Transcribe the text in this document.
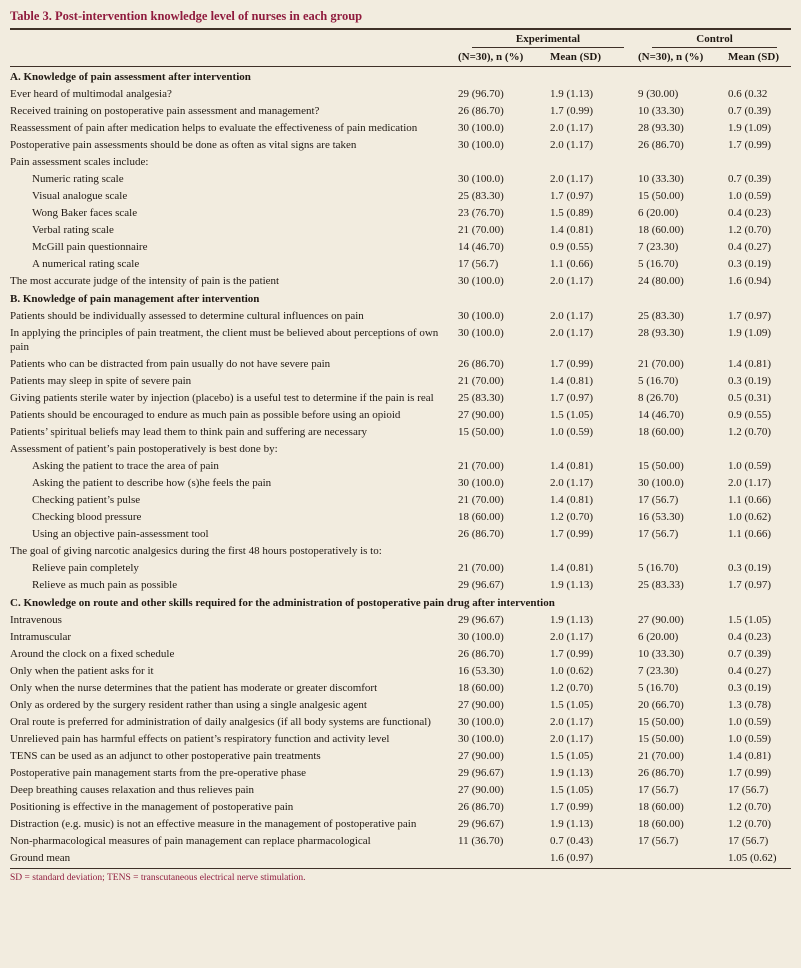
Table 3. Post-intervention knowledge level of nurses in each group

	Experimental		Control	

	(N=30), n (%)	Mean (SD)	(N=30), n (%)	Mean (SD)
A. Knowledge of pain assessment after intervention				
Ever heard of multimodal analgesia?	29 (96.70)	1.9 (1.13)	9 (30.00)	0.6 (0.32
Received training on postoperative pain assessment and management?	26 (86.70)	1.7 (0.99)	10 (33.30)	0.7 (0.39)
Reassessment of pain after medication helps to evaluate the effectiveness of pain medication	30 (100.0)	2.0 (1.17)	28 (93.30)	1.9 (1.09)
Postoperative pain assessments should be done as often as vital signs are taken	30 (100.0)	2.0 (1.17)	26 (86.70)	1.7 (0.99)
Pain assessment scales include:				
Numeric rating scale	30 (100.0)	2.0 (1.17)	10 (33.30)	0.7 (0.39)
Visual analogue scale	25 (83.30)	1.7 (0.97)	15 (50.00)	1.0 (0.59)
Wong Baker faces scale	23 (76.70)	1.5 (0.89)	6 (20.00)	0.4 (0.23)
Verbal rating scale	21 (70.00)	1.4 (0.81)	18 (60.00)	1.2 (0.70)
McGill pain questionnaire	14 (46.70)	0.9 (0.55)	7 (23.30)	0.4 (0.27)
A numerical rating scale	17 (56.7)	1.1 (0.66)	5 (16.70)	0.3 (0.19)
The most accurate judge of the intensity of pain is the patient	30 (100.0)	2.0 (1.17)	24 (80.00)	1.6 (0.94)
B. Knowledge of pain management after intervention				
Patients should be individually assessed to determine cultural influences on pain	30 (100.0)	2.0 (1.17)	25 (83.30)	1.7 (0.97)
In applying the principles of pain treatment, the client must be believed about perceptions of own pain	30 (100.0)	2.0 (1.17)	28 (93.30)	1.9 (1.09)
Patients who can be distracted from pain usually do not have severe pain	26 (86.70)	1.7 (0.99)	21 (70.00)	1.4 (0.81)
Patients may sleep in spite of severe pain	21 (70.00)	1.4 (0.81)	5 (16.70)	0.3 (0.19)
Giving patients sterile water by injection (placebo) is a useful test to determine if the pain is real	25 (83.30)	1.7 (0.97)	8 (26.70)	0.5 (0.31)
Patients should be encouraged to endure as much pain as possible before using an opioid	27 (90.00)	1.5 (1.05)	14 (46.70)	0.9 (0.55)
Patients’ spiritual beliefs may lead them to think pain and suffering are necessary	15 (50.00)	1.0 (0.59)	18 (60.00)	1.2 (0.70)
Assessment of patient’s pain postoperatively is best done by:				
Asking the patient to trace the area of pain	21 (70.00)	1.4 (0.81)	15 (50.00)	1.0 (0.59)
Asking the patient to describe how (s)he feels the pain	30 (100.0)	2.0 (1.17)	30 (100.0)	2.0 (1.17)
Checking patient’s pulse	21 (70.00)	1.4 (0.81)	17 (56.7)	1.1 (0.66)
Checking blood pressure	18 (60.00)	1.2 (0.70)	16 (53.30)	1.0 (0.62)
Using an objective pain-assessment tool	26 (86.70)	1.7 (0.99)	17 (56.7)	1.1 (0.66)
The goal of giving narcotic analgesics during the first 48 hours postoperatively is to:				
Relieve pain completely	21 (70.00)	1.4 (0.81)	5 (16.70)	0.3 (0.19)
Relieve as much pain as possible	29 (96.67)	1.9 (1.13)	25 (83.33)	1.7 (0.97)
C. Knowledge on route and other skills required for the administration of postoperative pain drug after intervention				
Intravenous	29 (96.67)	1.9 (1.13)	27 (90.00)	1.5 (1.05)
Intramuscular	30 (100.0)	2.0 (1.17)	6 (20.00)	0.4 (0.23)
Around the clock on a fixed schedule	26 (86.70)	1.7 (0.99)	10 (33.30)	0.7 (0.39)
Only when the patient asks for it	16 (53.30)	1.0 (0.62)	7 (23.30)	0.4 (0.27)
Only when the nurse determines that the patient has moderate or greater discomfort	18 (60.00)	1.2 (0.70)	5 (16.70)	0.3 (0.19)
Only as ordered by the surgery resident rather than using a single analgesic agent	27 (90.00)	1.5 (1.05)	20 (66.70)	1.3 (0.78)
Oral route is preferred for administration of daily analgesics (if all body systems are functional)	30 (100.0)	2.0 (1.17)	15 (50.00)	1.0 (0.59)
Unrelieved pain has harmful effects on patient’s respiratory function and activity level	30 (100.0)	2.0 (1.17)	15 (50.00)	1.0 (0.59)
TENS can be used as an adjunct to other postoperative pain treatments	27 (90.00)	1.5 (1.05)	21 (70.00)	1.4 (0.81)
Postoperative pain management starts from the pre-operative phase	29 (96.67)	1.9 (1.13)	26 (86.70)	1.7 (0.99)
Deep breathing causes relaxation and thus relieves pain	27 (90.00)	1.5 (1.05)	17 (56.7)	17 (56.7)
Positioning is effective in the management of postoperative pain	26 (86.70)	1.7 (0.99)	18 (60.00)	1.2 (0.70)
Distraction (e.g. music) is not an effective measure in the management of postoperative pain	29 (96.67)	1.9 (1.13)	18 (60.00)	1.2 (0.70)
Non-pharmacological measures of pain management can replace pharmacological	11 (36.70)	0.7 (0.43)	17 (56.7)	17 (56.7)
Ground mean		1.6 (0.97)		1.05 (0.62)
SD = standard deviation; TENS = transcutaneous electrical nerve stimulation.
